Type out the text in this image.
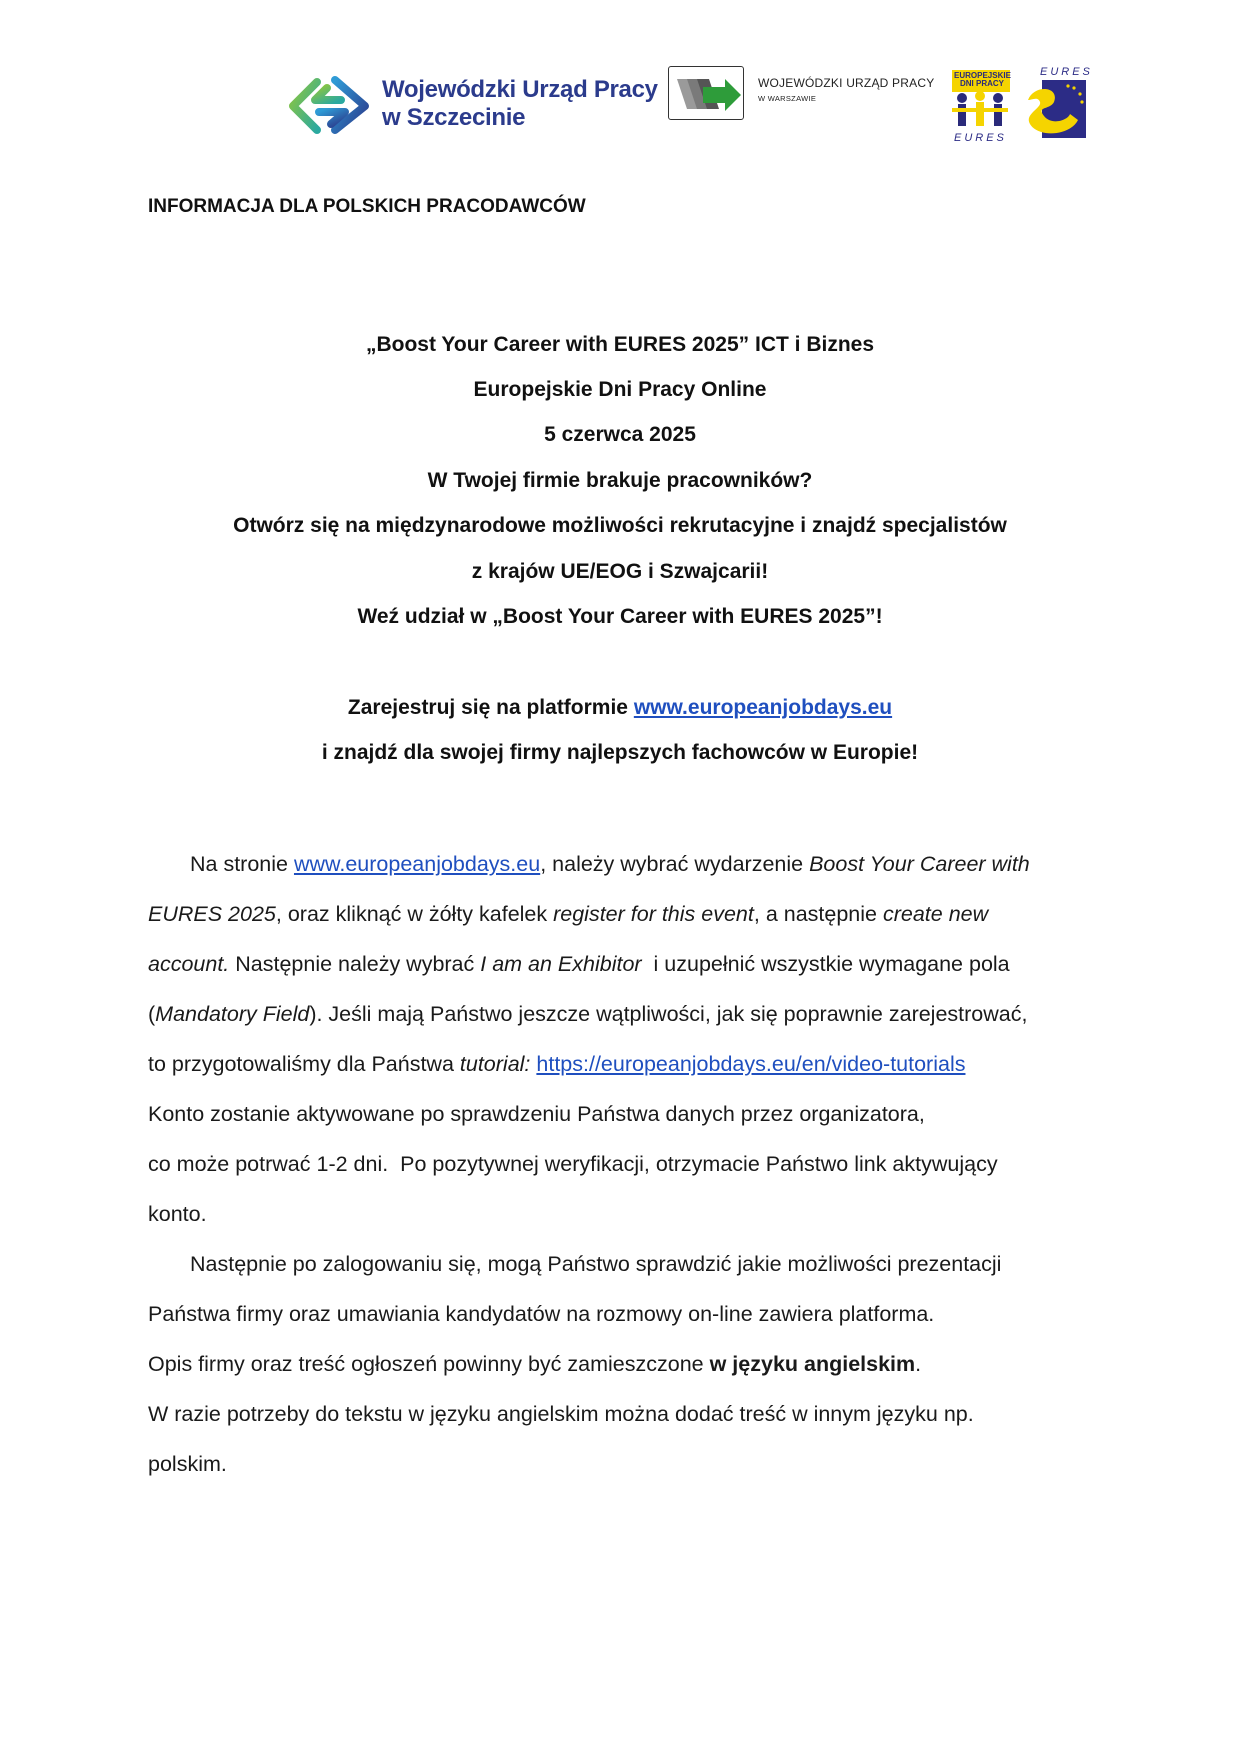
Wojewódzki Urząd Pracy
w Szczecinie
WOJEWÓDZKI URZĄD PRACY
W WARSZAWIE
EUROPEJSKIE DNI PRACY
EURES
EURES
INFORMACJA DLA POLSKICH PRACODAWCÓW
„Boost Your Career with EURES 2025” ICT i Biznes
Europejskie Dni Pracy Online
5 czerwca 2025
W Twojej firmie brakuje pracowników?
Otwórz się na międzynarodowe możliwości rekrutacyjne i znajdź specjalistów
z krajów UE/EOG i Szwajcarii!
Weź udział w „Boost Your Career with EURES 2025”!
Zarejestruj się na platformie www.europeanjobdays.eu
i znajdź dla swojej firmy najlepszych fachowców w Europie!
Na stronie www.europeanjobdays.eu, należy wybrać wydarzenie Boost Your Career with
EURES 2025, oraz kliknąć w żółty kafelek register for this event, a następnie create new
account. Następnie należy wybrać I am an Exhibitor  i uzupełnić wszystkie wymagane pola
(Mandatory Field). Jeśli mają Państwo jeszcze wątpliwości, jak się poprawnie zarejestrować,
to przygotowaliśmy dla Państwa tutorial: https://europeanjobdays.eu/en/video-tutorials
Konto zostanie aktywowane po sprawdzeniu Państwa danych przez organizatora,
co może potrwać 1-2 dni.  Po pozytywnej weryfikacji, otrzymacie Państwo link aktywujący
konto.
Następnie po zalogowaniu się, mogą Państwo sprawdzić jakie możliwości prezentacji
Państwa firmy oraz umawiania kandydatów na rozmowy on-line zawiera platforma.
Opis firmy oraz treść ogłoszeń powinny być zamieszczone w języku angielskim.
W razie potrzeby do tekstu w języku angielskim można dodać treść w innym języku np.
polskim.
